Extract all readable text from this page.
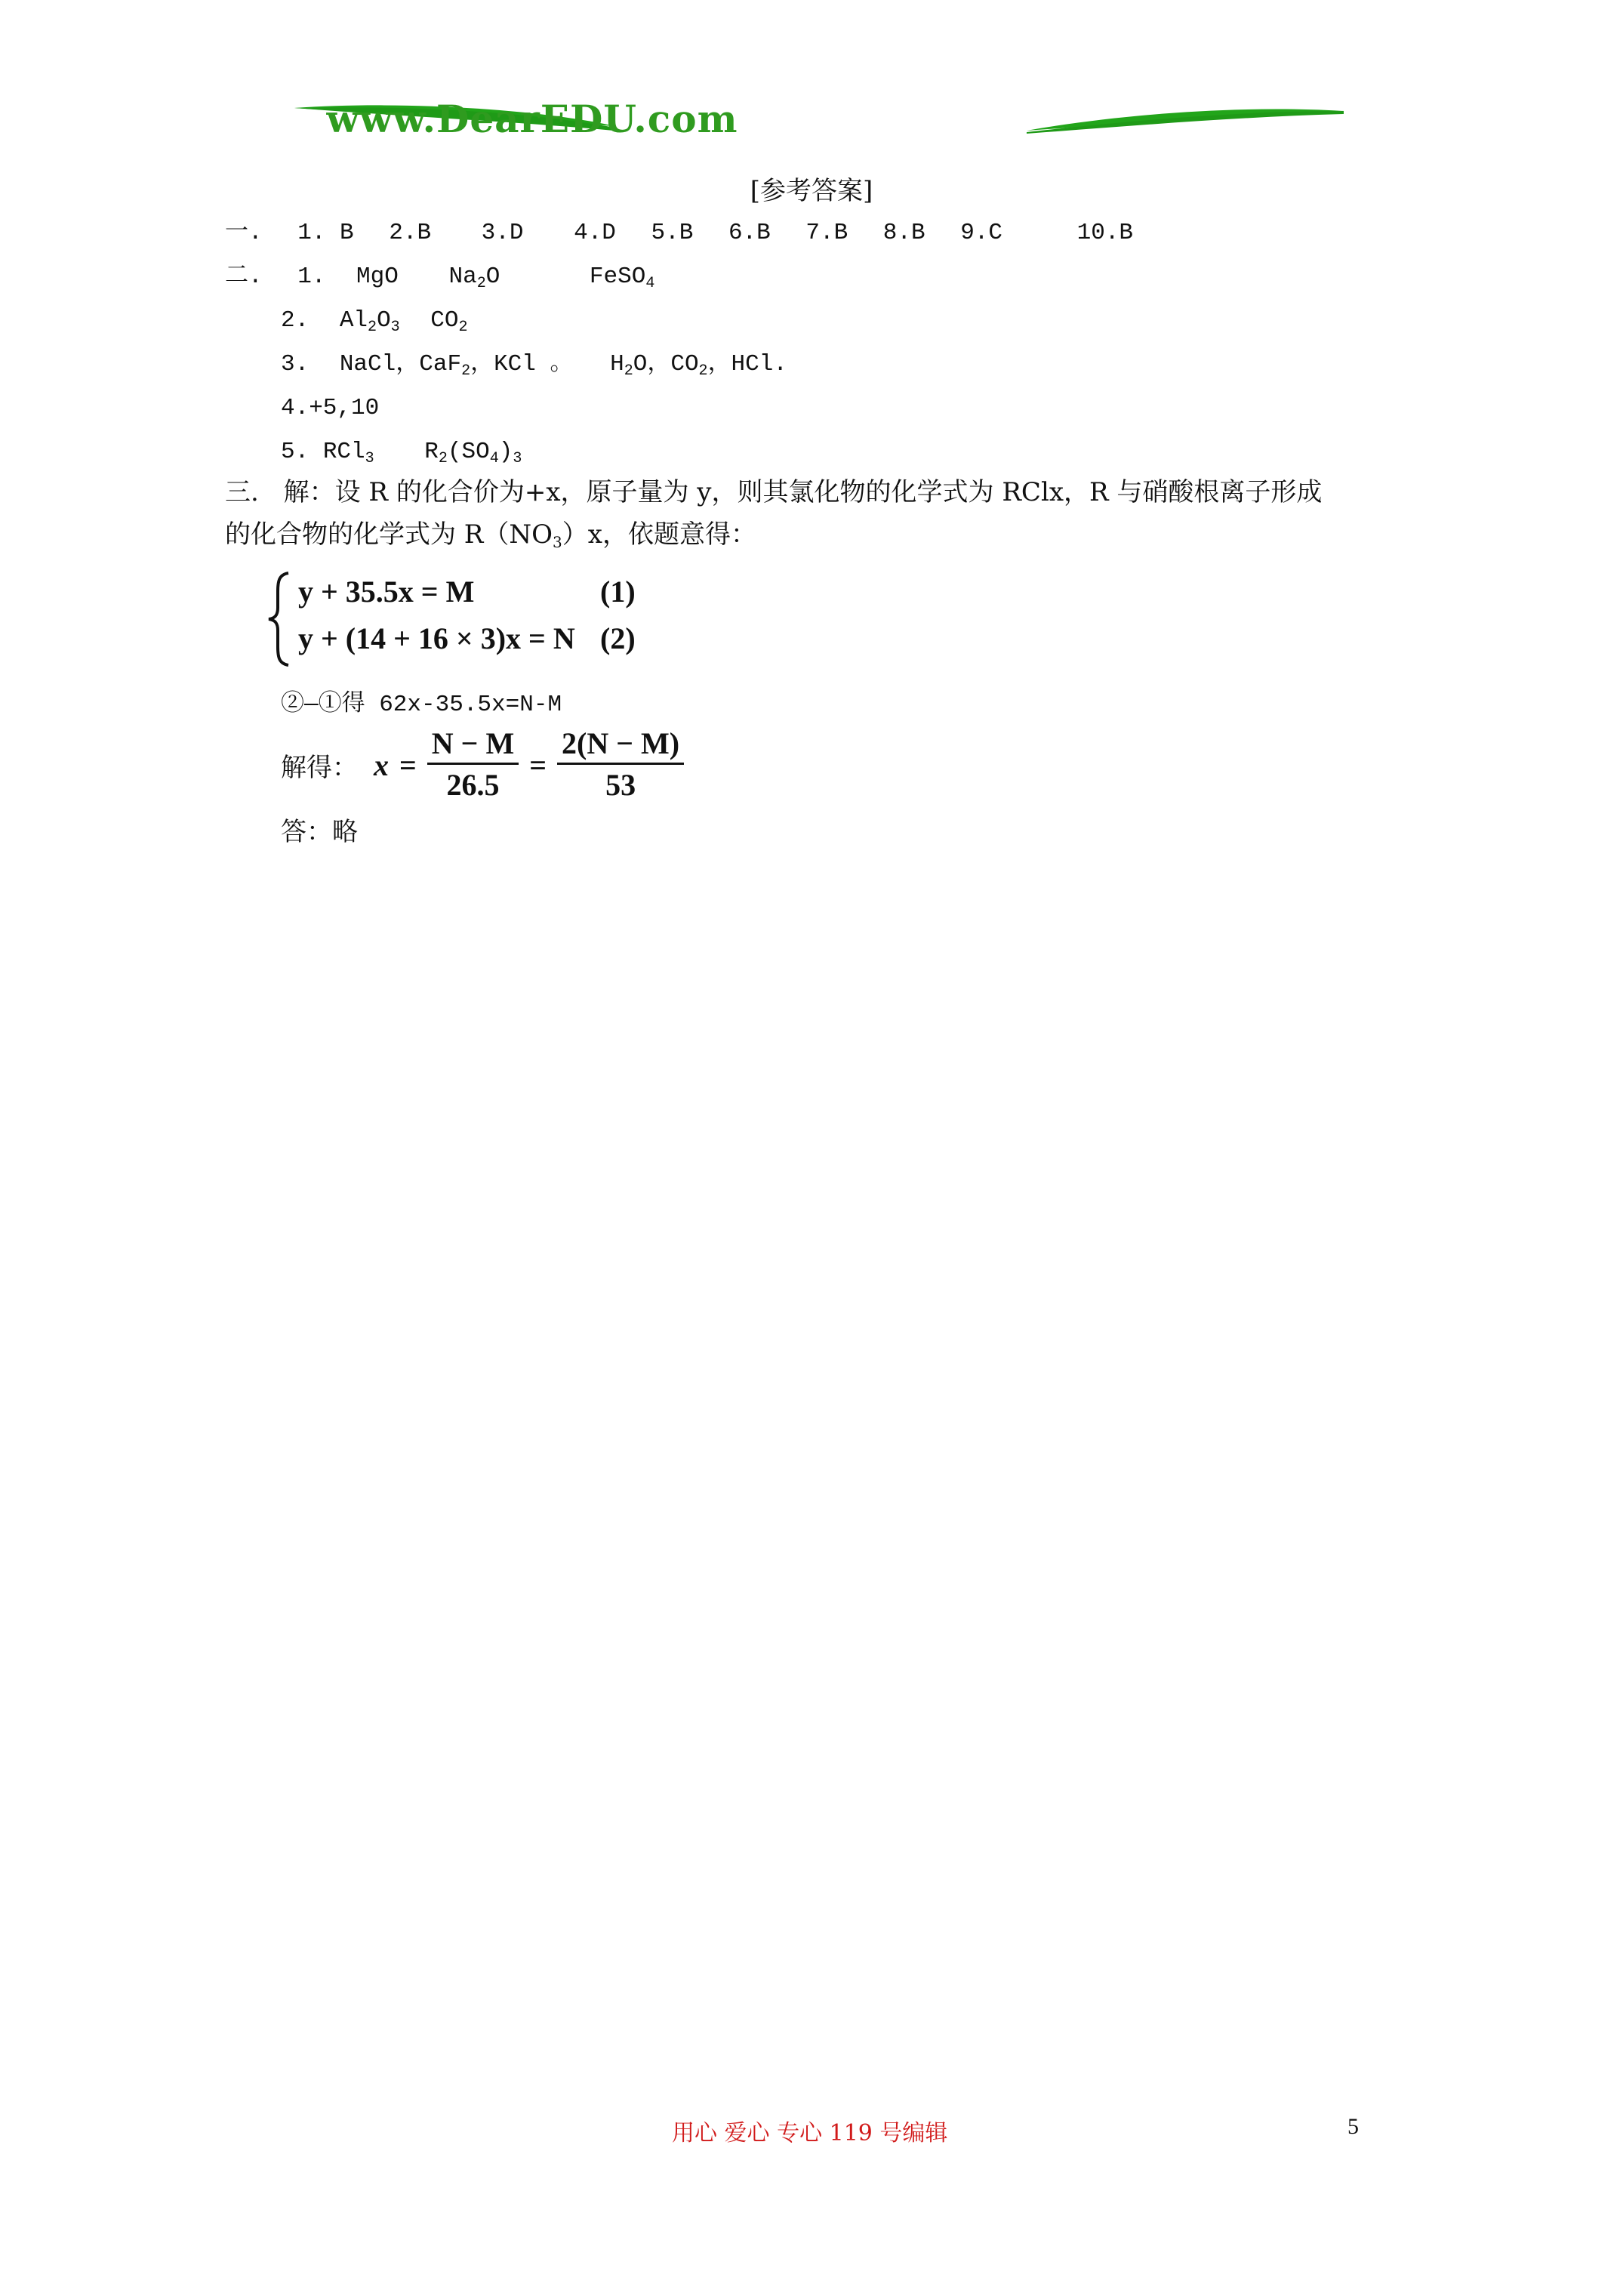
www.DearEDU.com
[参考答案]
一. 1. B 2.B 3.D 4.D 5.B 6.B 7.B 8.B 9.C	10.B
二. 1. MgO $Na_2O$	FeSO$_4$
2. $Al_2O_3$ $CO_2$
3. NaCl，CaF$_2$，KCl 。 $H_2O$，$CO_2$，HCl.
4.+5,10
5. RCl$_3$ $R_2(SO_4)_3$
三. 解：设 R 的化合价为+x，原子量为 y，则其氯化物的化学式为 RClx，R 与硝酸根离子形成
的化合物的化学式为 $R(NO_3)x$，依题意得：
y + 35.5x = M	(1)
y + (14 + 16 × 3)x = N (2)
②—①得 62x-35.5x=N-M
解得： $x = \frac{N - M}{26.5} = \frac{2(N - M)}{53}$
答：略
用心 爱心 专心 119 号编辑	5
